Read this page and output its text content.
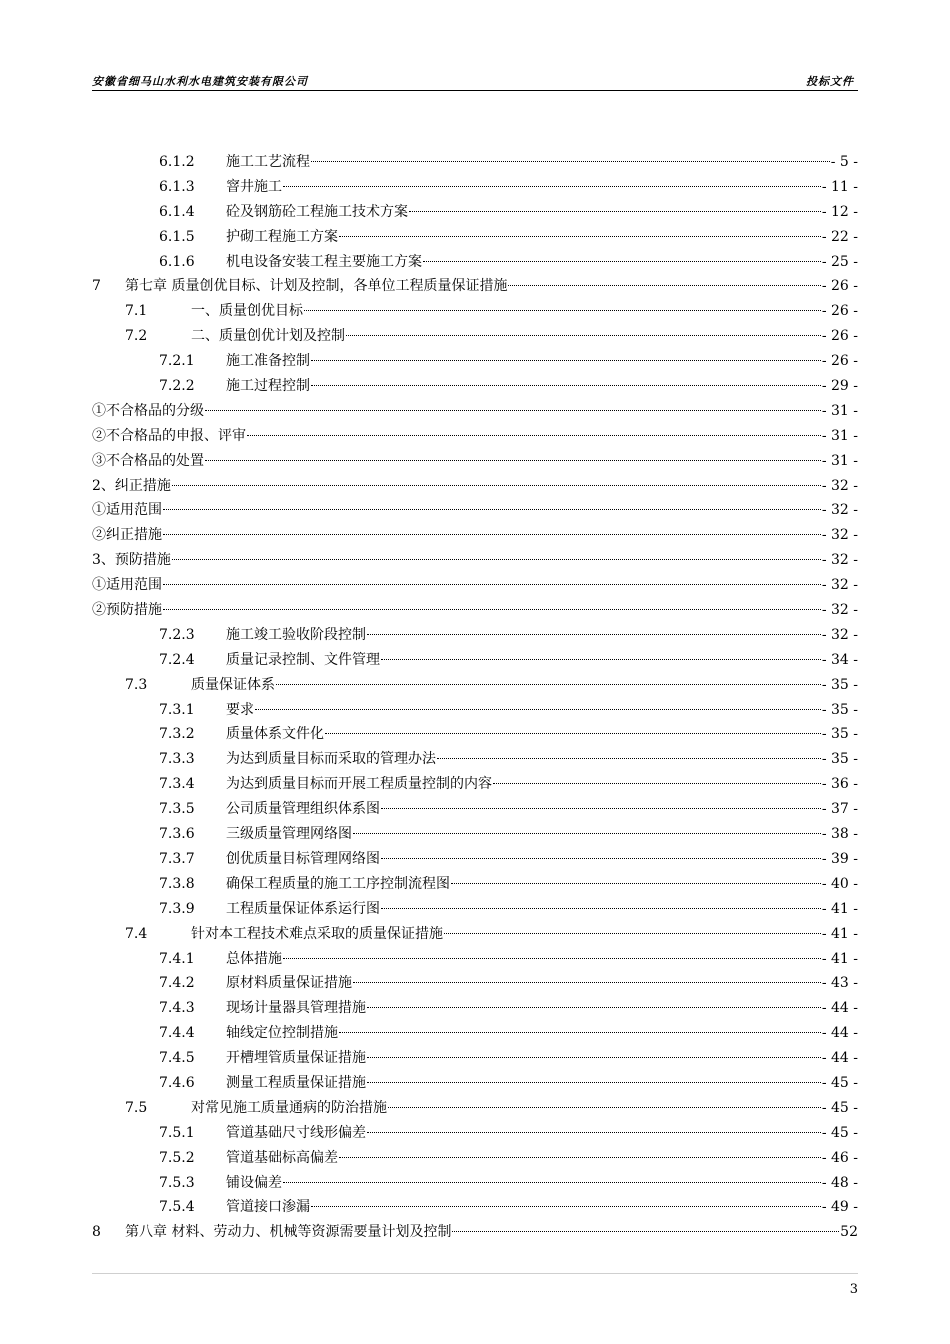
安徽省细马山水利水电建筑安装有限公司	投标文件
6.1.2	施工工艺流程	- 5 -
6.1.3	窨井施工	- 11 -
6.1.4	砼及钢筋砼工程施工技术方案	- 12 -
6.1.5	护砌工程施工方案	- 22 -
6.1.6	机电设备安装工程主要施工方案	- 25 -
7	第七章 质量创优目标、计划及控制，各单位工程质量保证措施	- 26 -
7.1	一、质量创优目标	- 26 -
7.2	二、质量创优计划及控制	- 26 -
7.2.1	施工准备控制	- 26 -
7.2.2	施工过程控制	- 29 -
①不合格品的分级	- 31 -
②不合格品的申报、评审	- 31 -
③不合格品的处置	- 31 -
2、纠正措施	- 32 -
①适用范围	- 32 -
②纠正措施	- 32 -
3、预防措施	- 32 -
①适用范围	- 32 -
②预防措施	- 32 -
7.2.3	施工竣工验收阶段控制	- 32 -
7.2.4	质量记录控制、文件管理	- 34 -
7.3	质量保证体系	- 35 -
7.3.1	要求	- 35 -
7.3.2	质量体系文件化	- 35 -
7.3.3	为达到质量目标而采取的管理办法	- 35 -
7.3.4	为达到质量目标而开展工程质量控制的内容	- 36 -
7.3.5	公司质量管理组织体系图	- 37 -
7.3.6	三级质量管理网络图	- 38 -
7.3.7	创优质量目标管理网络图	- 39 -
7.3.8	确保工程质量的施工工序控制流程图	- 40 -
7.3.9	工程质量保证体系运行图	- 41 -
7.4	针对本工程技术难点采取的质量保证措施	- 41 -
7.4.1	总体措施	- 41 -
7.4.2	原材料质量保证措施	- 43 -
7.4.3	现场计量器具管理措施	- 44 -
7.4.4	轴线定位控制措施	- 44 -
7.4.5	开槽埋管质量保证措施	- 44 -
7.4.6	测量工程质量保证措施	- 45 -
7.5	对常见施工质量通病的防治措施	- 45 -
7.5.1	管道基础尺寸线形偏差	- 45 -
7.5.2	管道基础标高偏差	- 46 -
7.5.3	铺设偏差	- 48 -
7.5.4	管道接口渗漏	- 49 -
8	第八章 材料、劳动力、机械等资源需要量计划及控制	52
3
